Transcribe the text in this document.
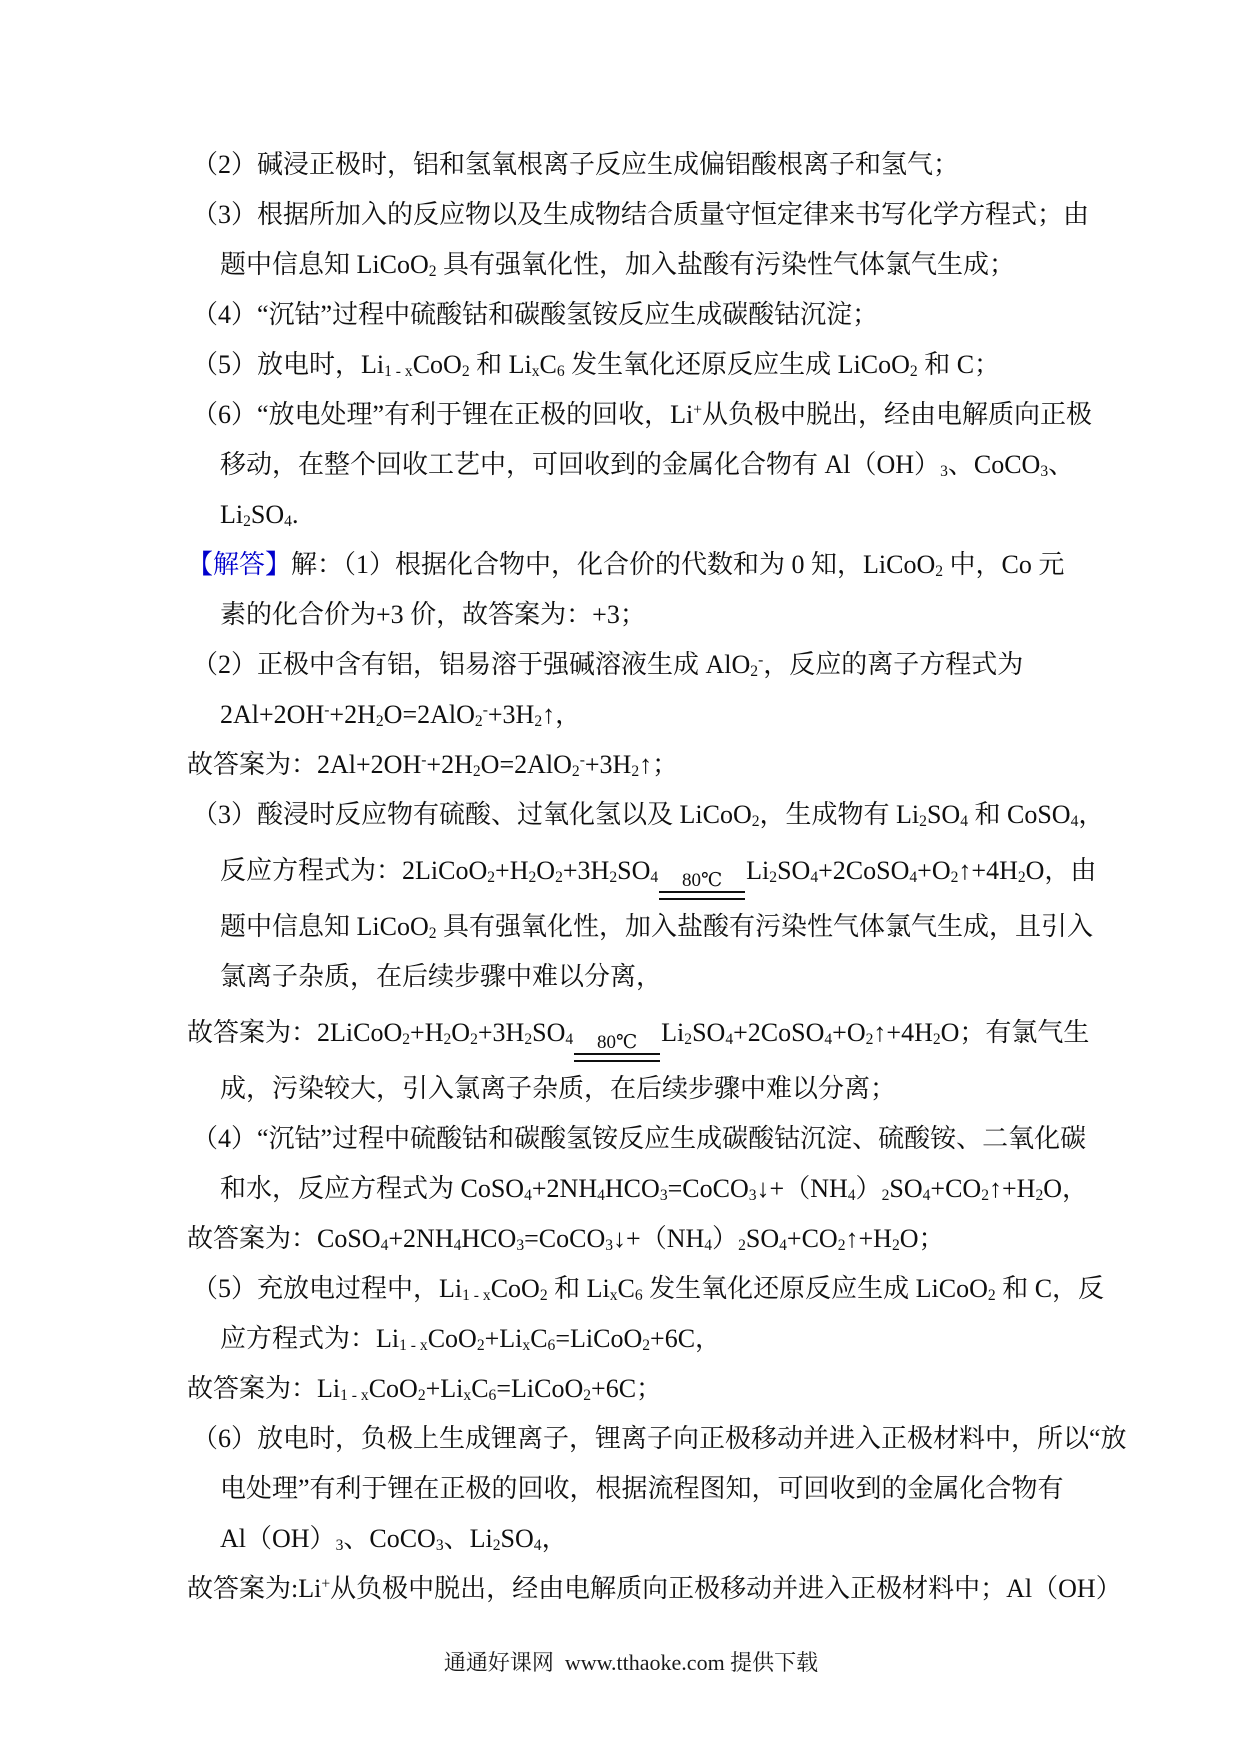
（2）碱浸正极时，铝和氢氧根离子反应生成偏铝酸根离子和氢气；
（3）根据所加入的反应物以及生成物结合质量守恒定律来书写化学方程式；由
题中信息知 LiCoO$_2$ 具有强氧化性，加入盐酸有污染性气体氯气生成；
（4）“沉钴”过程中硫酸钴和碳酸氢铵反应生成碳酸钴沉淀；
（5）放电时，$Li_{1 - x}CoO_2$ 和 $Li_xC_6$ 发生氧化还原反应生成 LiCoO$_2$ 和 C；
（6）“放电处理”有利于锂在正极的回收，Li+从负极中脱出，经由电解质向正极
移动，在整个回收工艺中，可回收到的金属化合物有 $Al(OH)_3$、CoCO$_3$、
$Li_2SO_4$.
【解答】解：（1）根据化合物中，化合价的代数和为 0 知，LiCoO$_2$ 中，Co 元
素的化合价为+3 价，故答案为：+3；
（2）正极中含有铝，铝易溶于强碱溶液生成 AlO$_2$-，反应的离子方程式为
$2Al+2OH^-+2H_2O=2AlO_2^-+3H_2↑$，
故答案为：$2Al+2OH^-+2H_2O=2AlO_2^-+3H_2↑$；
（3）酸浸时反应物有硫酸、过氧化氢以及 LiCoO$_2$，生成物有 $Li_2SO_4$ 和 CoSO$_4$，
反应方程式为：$2LiCoO_2+H_2O_2+3H_2SO_4$ 80℃ $Li_2SO_4+2CoSO_4+O_2↑+4H_2O$，由
题中信息知 LiCoO$_2$ 具有强氧化性，加入盐酸有污染性气体氯气生成，且引入
氯离子杂质，在后续步骤中难以分离，
故答案为：$2LiCoO_2+H_2O_2+3H_2SO_4$ 80℃ $Li_2SO_4+2CoSO_4+O_2↑+4H_2O$；有氯气生
成，污染较大，引入氯离子杂质，在后续步骤中难以分离；
（4）“沉钴”过程中硫酸钴和碳酸氢铵反应生成碳酸钴沉淀、硫酸铵、二氧化碳
和水，反应方程式为 $CoSO_4+2NH_4HCO_3=CoCO_3↓+(NH_4)_2SO_4+CO_2↑+H_2O$，
故答案为：$CoSO_4+2NH_4HCO_3=CoCO_3↓+(NH_4)_2SO_4+CO_2↑+H_2O$；
（5）充放电过程中，$Li_{1 - x}CoO_2$ 和 $Li_xC_6$ 发生氧化还原反应生成 LiCoO$_2$ 和 C，反
应方程式为：$Li_{1 - x}CoO_2+Li_xC_6=LiCoO_2+6C$，
故答案为：$Li_{1 - x}CoO_2+Li_xC_6=LiCoO_2+6C$；
（6）放电时，负极上生成锂离子，锂离子向正极移动并进入正极材料中，所以“放
电处理”有利于锂在正极的回收，根据流程图知，可回收到的金属化合物有
$Al(OH)_3$、CoCO$_3$、$Li_2SO_4$，
故答案为:Li+从负极中脱出，经由电解质向正极移动并进入正极材料中；Al（OH）

通通好课网  www.tthaoke.com 提供下载
